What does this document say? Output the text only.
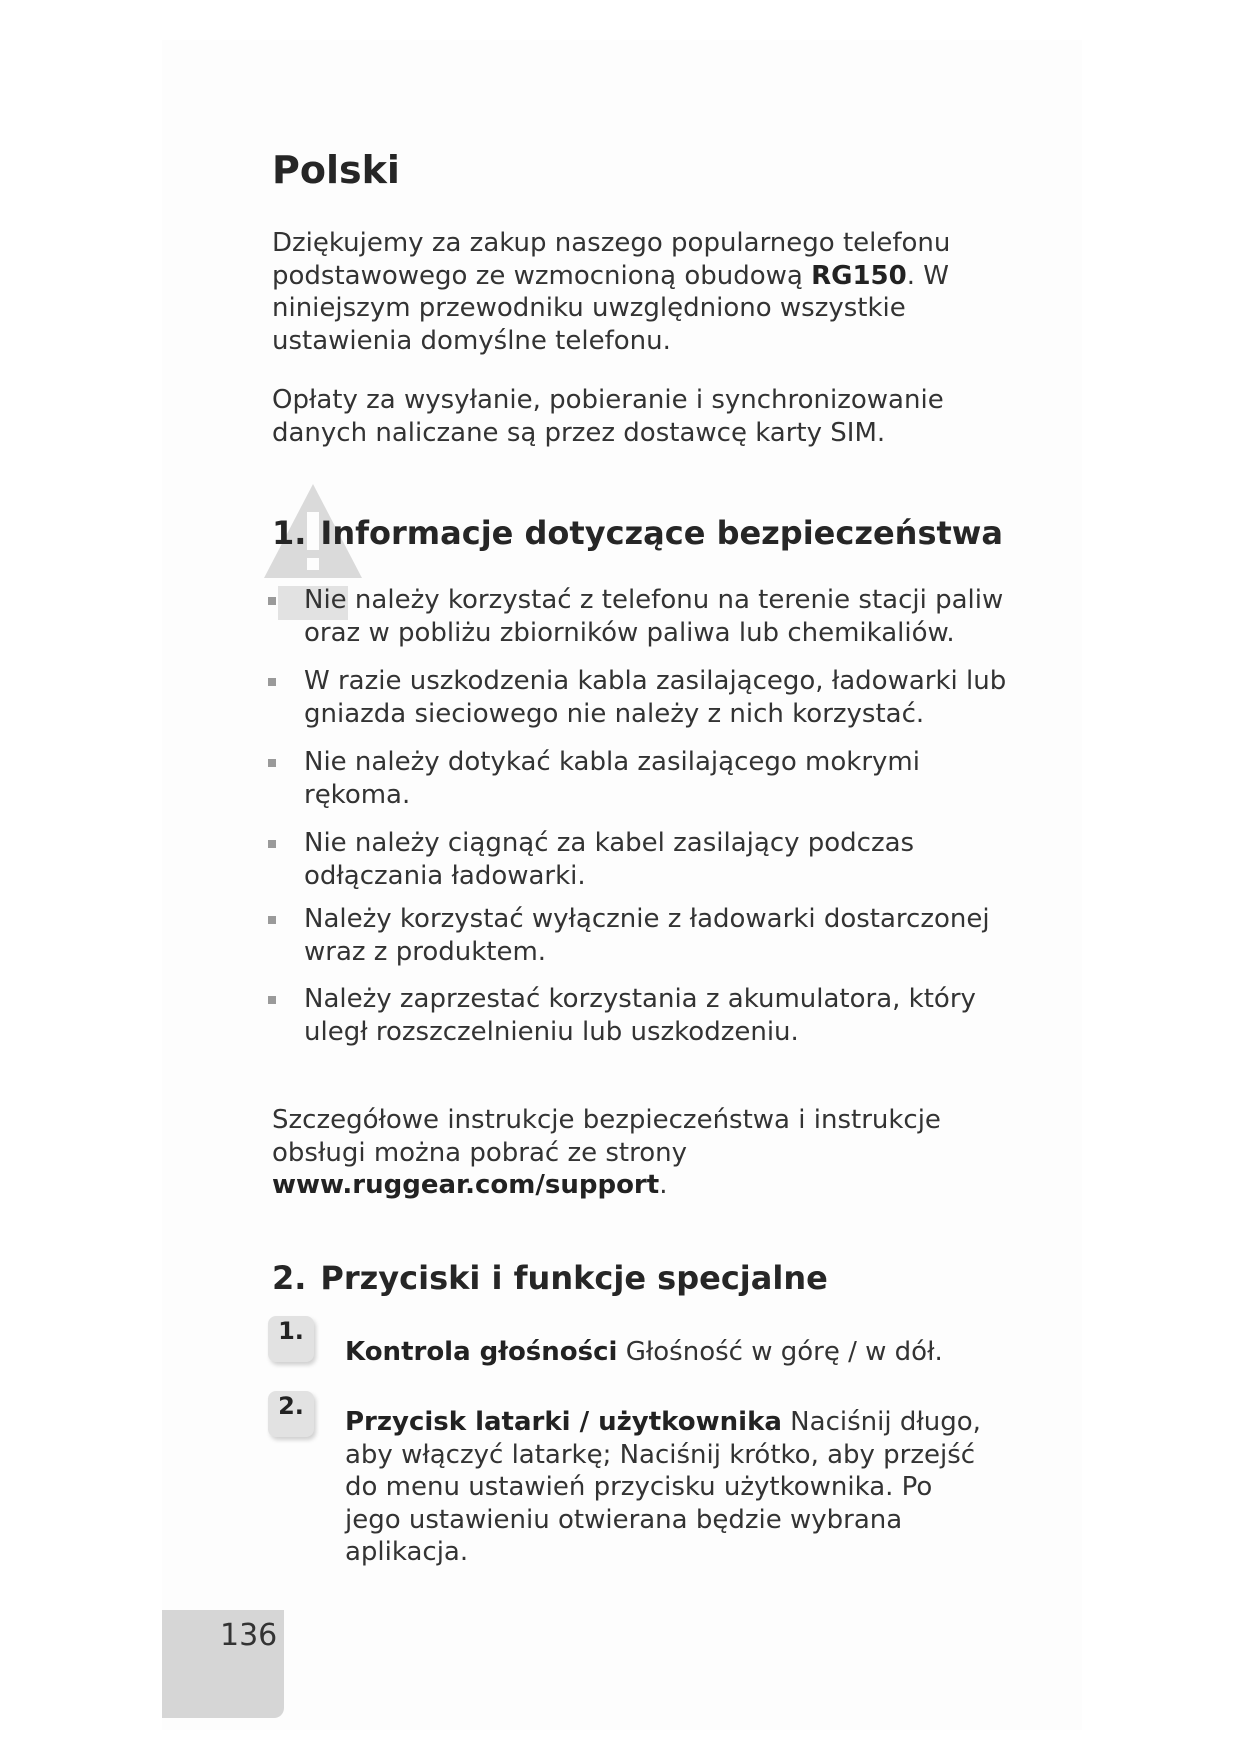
Polski

Dziękujemy za zakup naszego popularnego telefonu podstawowego ze wzmocnioną obudową RG150. W niniejszym przewodniku uwzględniono wszystkie ustawienia domyślne telefonu.

Opłaty za wysyłanie, pobieranie i synchronizowanie danych naliczane są przez dostawcę karty SIM.

1. Informacje dotyczące bezpieczeństwa
Nie należy korzystać z telefonu na terenie stacji paliw oraz w pobliżu zbiorników paliwa lub chemikaliów.
W razie uszkodzenia kabla zasilającego, ładowarki lub gniazda sieciowego nie należy z nich korzystać.
Nie należy dotykać kabla zasilającego mokrymi rękoma.
Nie należy ciągnąć za kabel zasilający podczas odłączania ładowarki.
Należy korzystać wyłącznie z ładowarki dostarczonej wraz z produktem.
Należy zaprzestać korzystania z akumulatora, który uległ rozszczelnieniu lub uszkodzeniu.

Szczegółowe instrukcje bezpieczeństwa i instrukcje obsługi można pobrać ze strony
www.ruggear.com/support.

2. Przyciski i funkcje specjalne
1.
Kontrola głośności Głośność w górę / w dół.
2.
Przycisk latarki / użytkownika Naciśnij długo, aby włączyć latarkę; Naciśnij krótko, aby przejść do menu ustawień przycisku użytkownika. Po jego ustawieniu otwierana będzie wybrana aplikacja.
136
